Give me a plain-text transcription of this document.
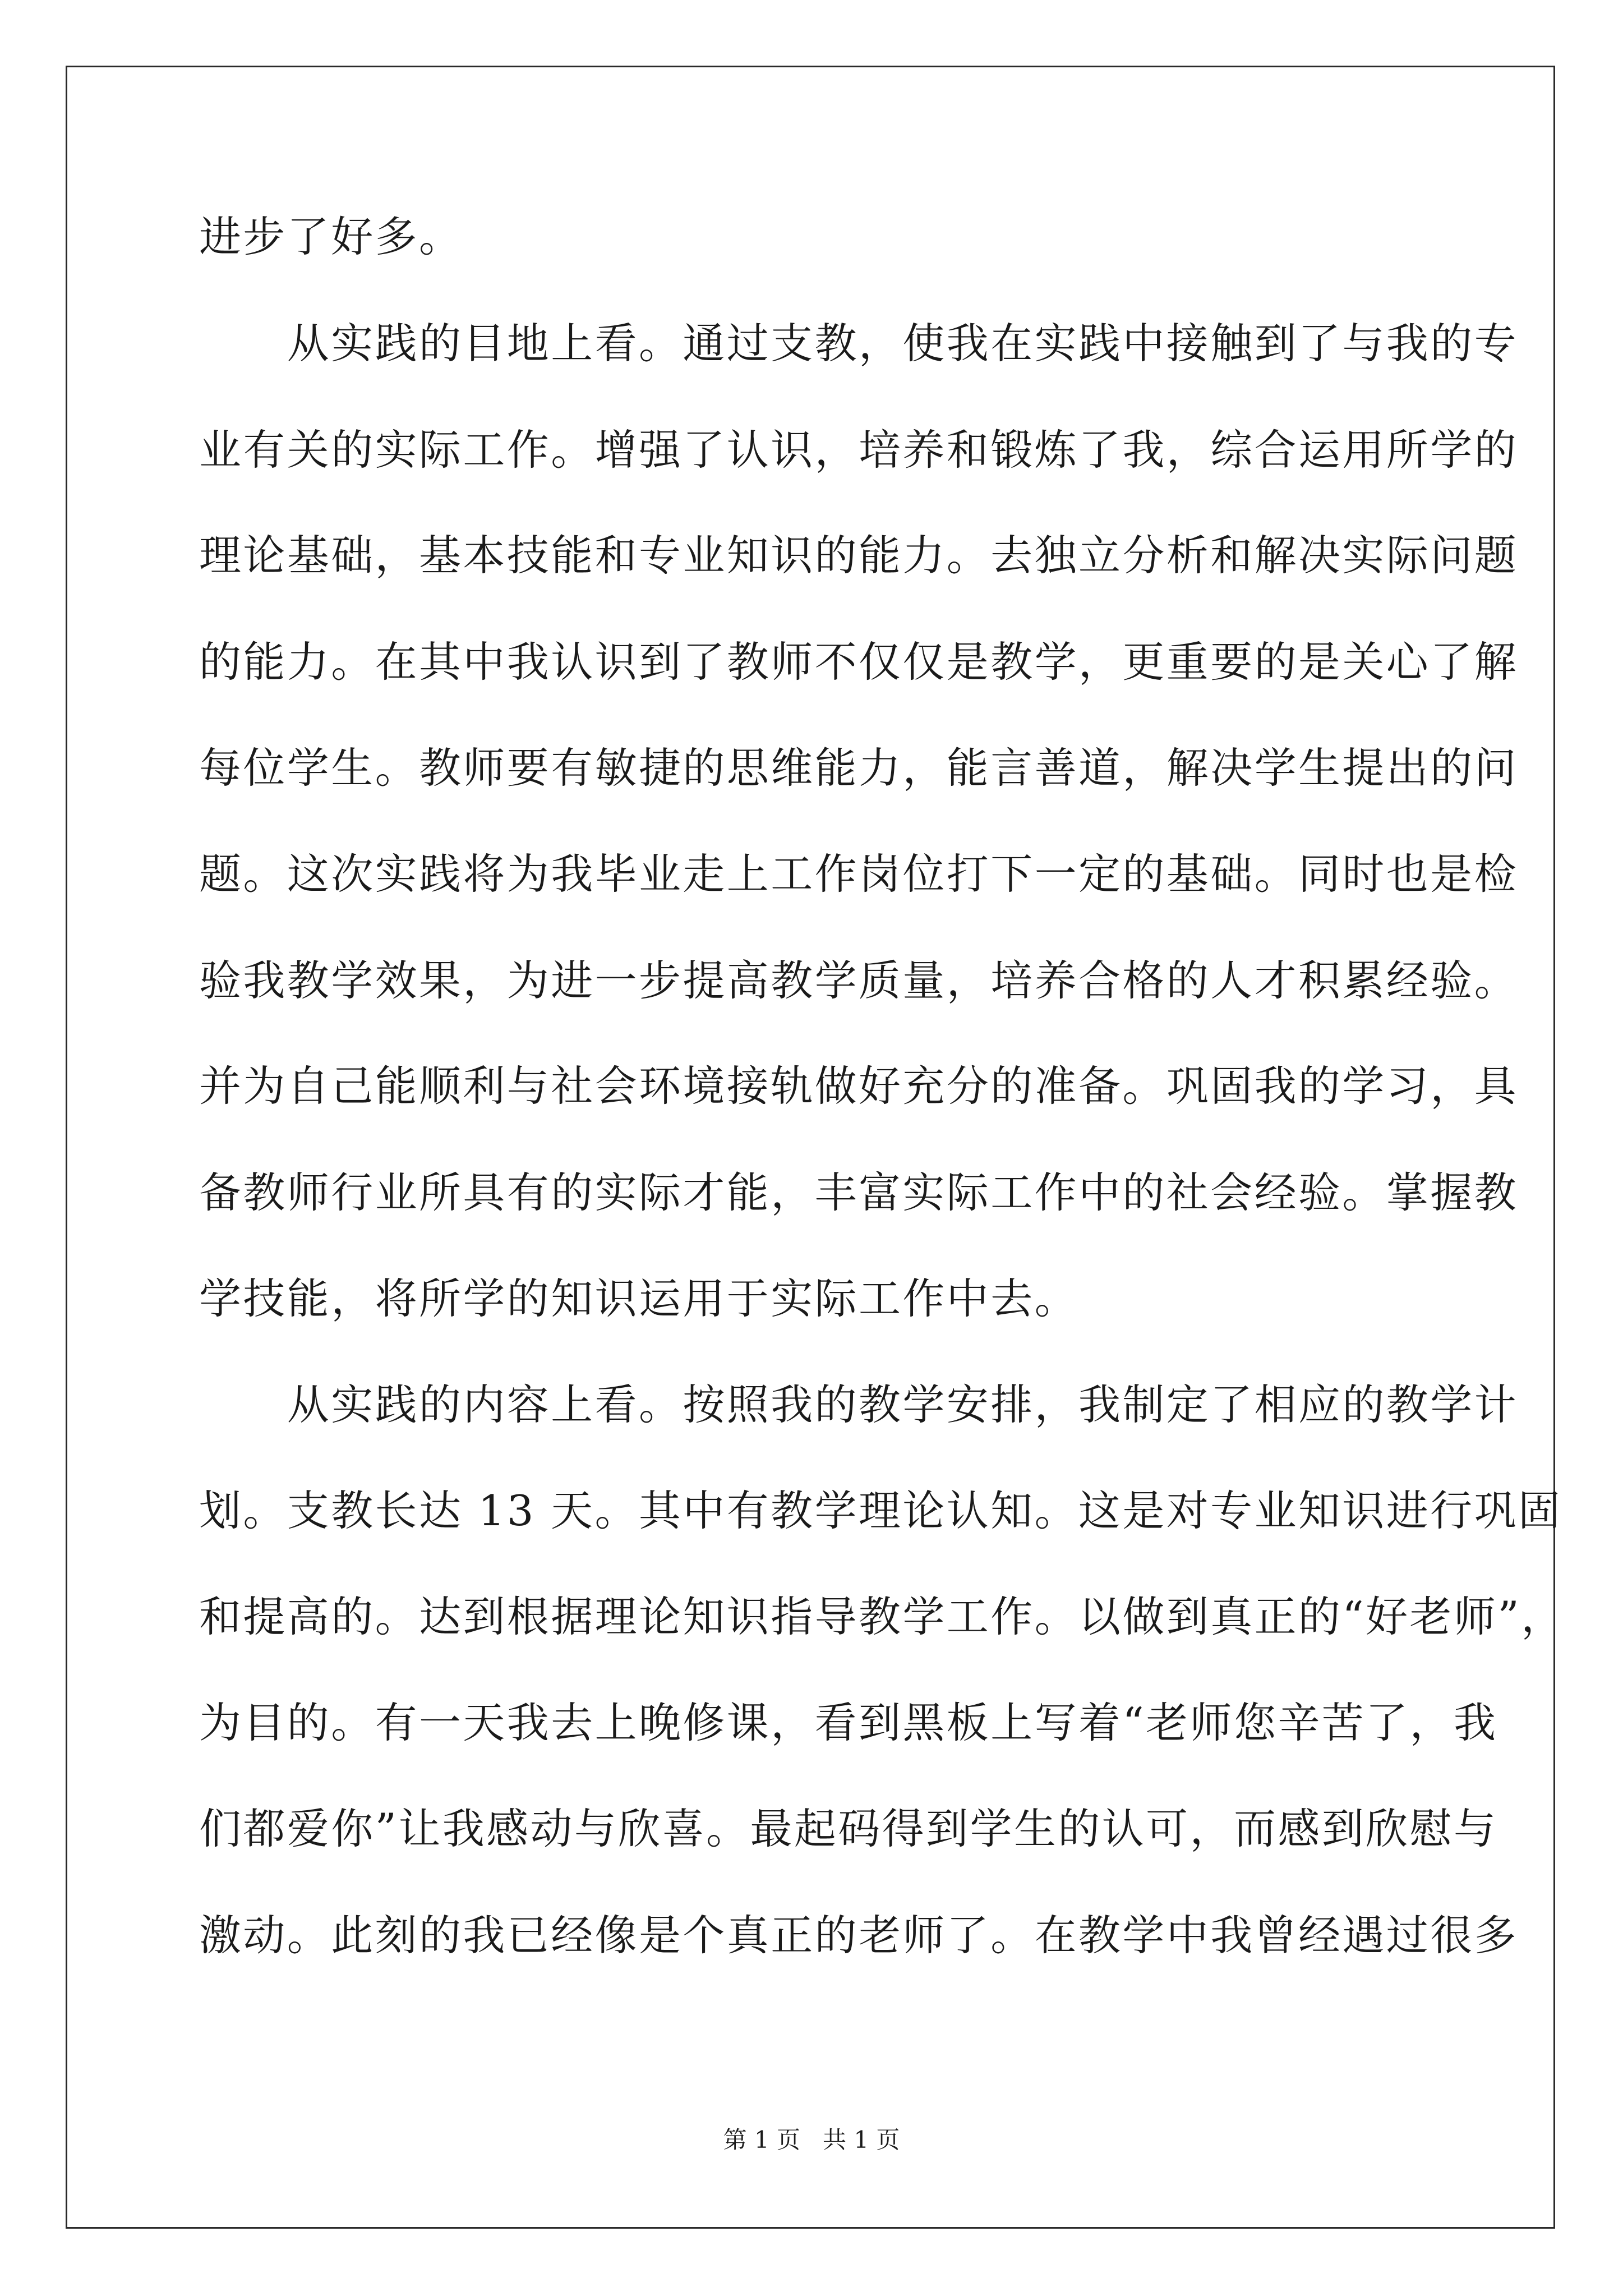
进步了好多。
　　从实践的目地上看。通过支教，使我在实践中接触到了与我的专
业有关的实际工作。增强了认识，培养和锻炼了我，综合运用所学的
理论基础，基本技能和专业知识的能力。去独立分析和解决实际问题
的能力。在其中我认识到了教师不仅仅是教学，更重要的是关心了解
每位学生。教师要有敏捷的思维能力，能言善道，解决学生提出的问
题。这次实践将为我毕业走上工作岗位打下一定的基础。同时也是检
验我教学效果，为进一步提高教学质量，培养合格的人才积累经验。
并为自己能顺利与社会环境接轨做好充分的准备。巩固我的学习，具
备教师行业所具有的实际才能，丰富实际工作中的社会经验。掌握教
学技能，将所学的知识运用于实际工作中去。
　　从实践的内容上看。按照我的教学安排，我制定了相应的教学计
划。支教长达 13 天。其中有教学理论认知。这是对专业知识进行巩固
和提高的。达到根据理论知识指导教学工作。以做到真正的“好老师”，
为目的。有一天我去上晚修课，看到黑板上写着“老师您辛苦了，我
们都爱你”让我感动与欣喜。最起码得到学生的认可，而感到欣慰与
激动。此刻的我已经像是个真正的老师了。在教学中我曾经遇过很多
第 1 页 共 1 页
